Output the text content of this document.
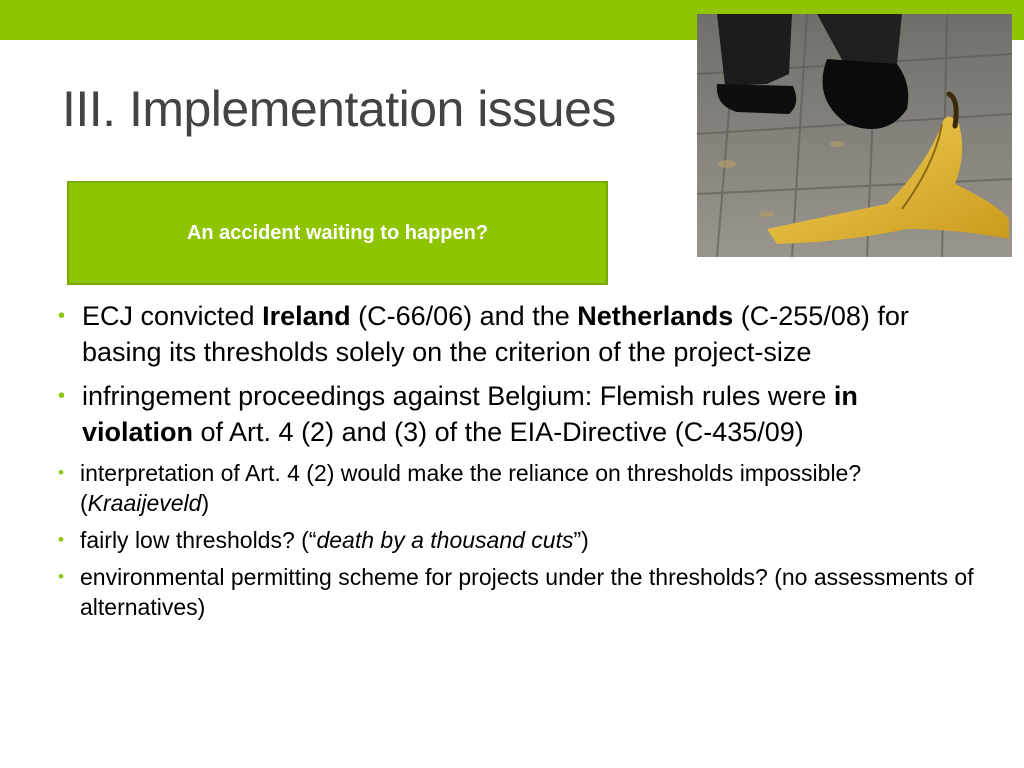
III. Implementation issues
An accident waiting to happen?
• ECJ convicted Ireland (C-66/06) and the Netherlands (C-255/08) for basing its thresholds solely on the criterion of the project-size
• infringement proceedings against Belgium: Flemish rules were in violation of Art. 4 (2) and (3) of the EIA-Directive (C-435/09)
• interpretation of Art. 4 (2) would make the reliance on thresholds impossible? (Kraaijeveld)
• fairly low thresholds? (“death by a thousand cuts”)
• environmental permitting scheme for projects under the thresholds? (no assessments of alternatives)
